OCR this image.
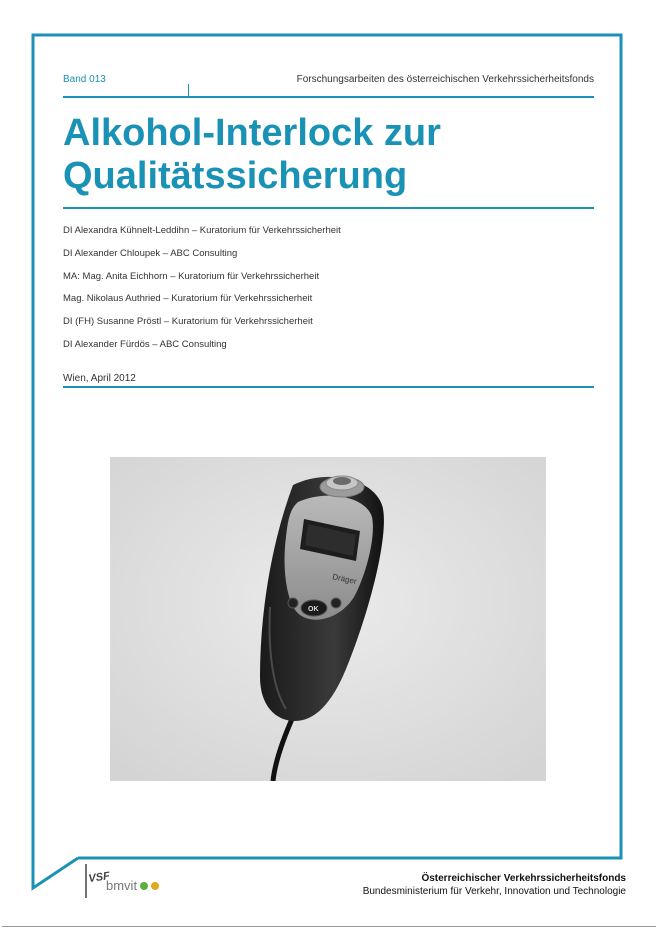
Band 013	Forschungsarbeiten des österreichischen Verkehrssicherheitsfonds
Alkohol-Interlock zur
Qualitätssicherung
DI Alexandra Kühnelt-Leddihn – Kuratorium für Verkehrssicherheit
DI Alexander Chloupek – ABC Consulting
MA: Mag. Anita Eichhorn – Kuratorium für Verkehrssicherheit
Mag. Nikolaus Authried – Kuratorium für Verkehrssicherheit
DI (FH) Susanne Pröstl – Kuratorium für Verkehrssicherheit
DI Alexander Fürdös – ABC Consulting
Wien, April 2012
Dräger
OK
VSF
bmvit	Österreichischer Verkehrssicherheitsfonds
Bundesministerium für Verkehr, Innovation und Technologie
